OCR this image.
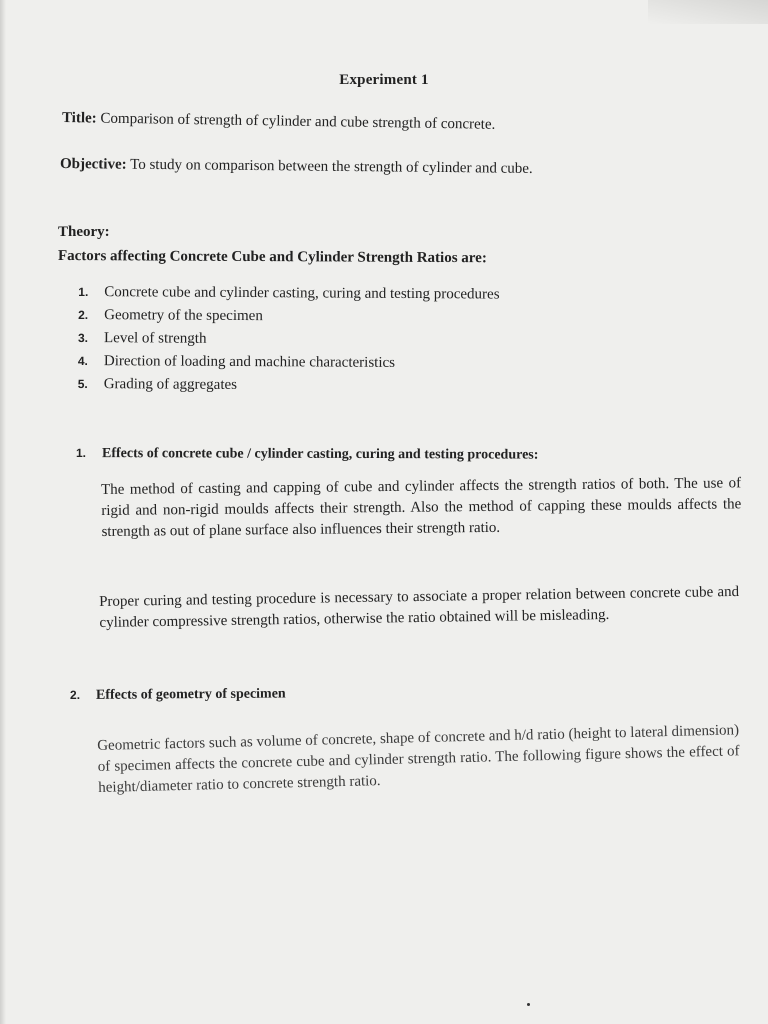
Experiment 1
Title: Comparison of strength of cylinder and cube strength of concrete.
Objective: To study on comparison between the strength of cylinder and cube.
Theory:
Factors affecting Concrete Cube and Cylinder Strength Ratios are:
1. Concrete cube and cylinder casting, curing and testing procedures
2. Geometry of the specimen
3. Level of strength
4. Direction of loading and machine characteristics
5. Grading of aggregates
1. Effects of concrete cube / cylinder casting, curing and testing procedures:
The method of casting and capping of cube and cylinder affects the strength ratios of both. The use of rigid and non-rigid moulds affects their strength. Also the method of capping these moulds affects the strength as out of plane surface also influences their strength ratio.
Proper curing and testing procedure is necessary to associate a proper relation between concrete cube and cylinder compressive strength ratios, otherwise the ratio obtained will be misleading.
2. Effects of geometry of specimen
Geometric factors such as volume of concrete, shape of concrete and h/d ratio (height to lateral dimension) of specimen affects the concrete cube and cylinder strength ratio. The following figure shows the effect of height/diameter ratio to concrete strength ratio.
